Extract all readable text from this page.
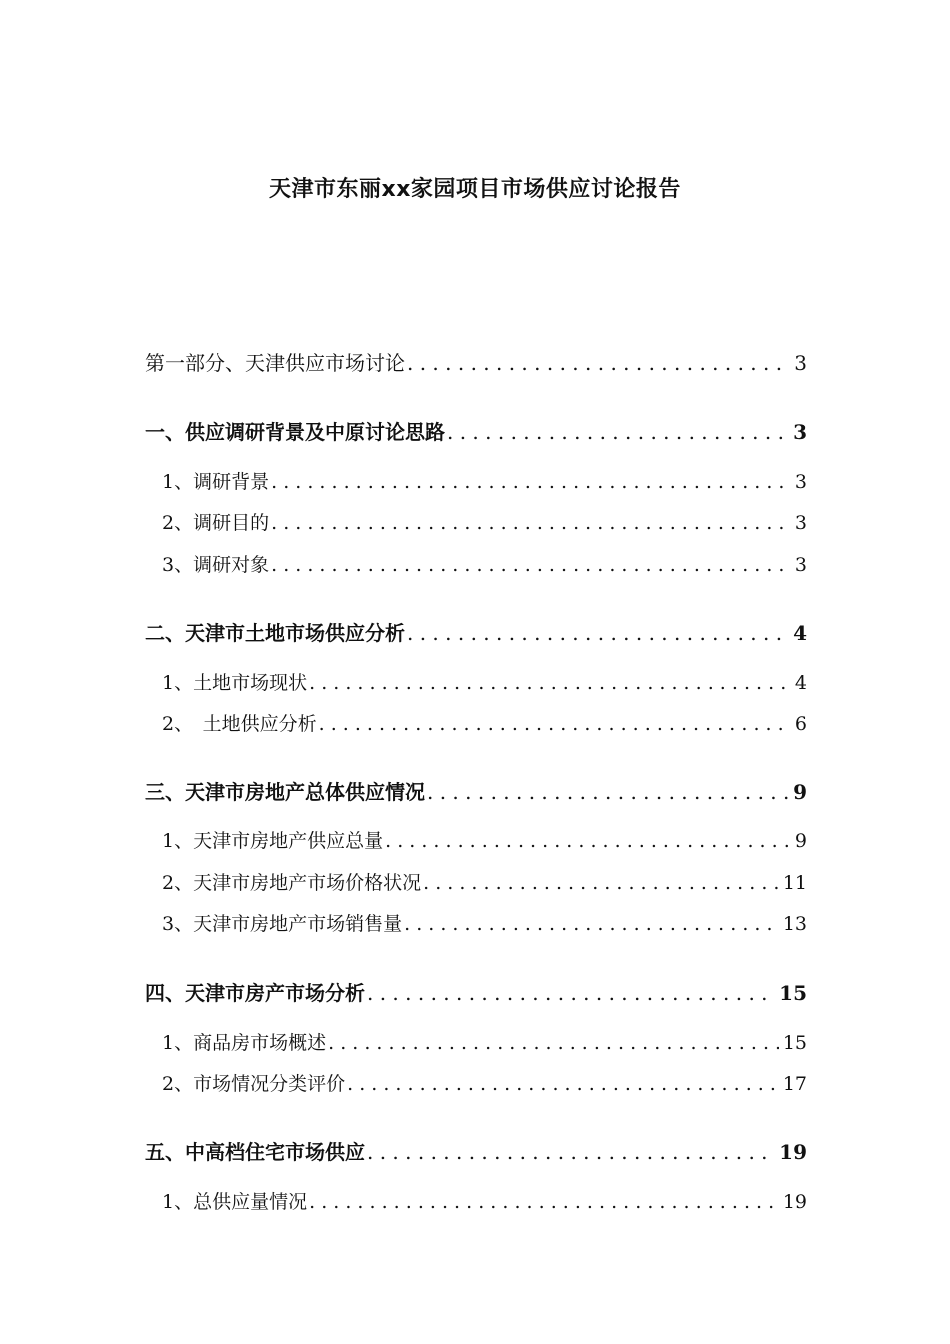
天津市东丽xx家园项目市场供应讨论报告
第一部分、天津供应市场讨论 . . .	3
一、供应调研背景及中原讨论思路 . . .	3
1、调研背景 . . .	3
2、调研目的 . . .	3
3、调研对象 . . .	3
二、天津市土地市场供应分析 . . .	4
1、土地市场现状 . . .	4
2、　土地供应分析 . . .	6
三、天津市房地产总体供应情况 . . .	9
1、天津市房地产供应总量 . . .	9
2、天津市房地产市场价格状况 . . .	11
3、天津市房地产市场销售量 . . .	13
四、天津市房产市场分析 . . .	15
1、商品房市场概述 . . .	15
2、市场情况分类评价 . . .	17
五、中高档住宅市场供应 . . .	19
1、总供应量情况 . . .	19
